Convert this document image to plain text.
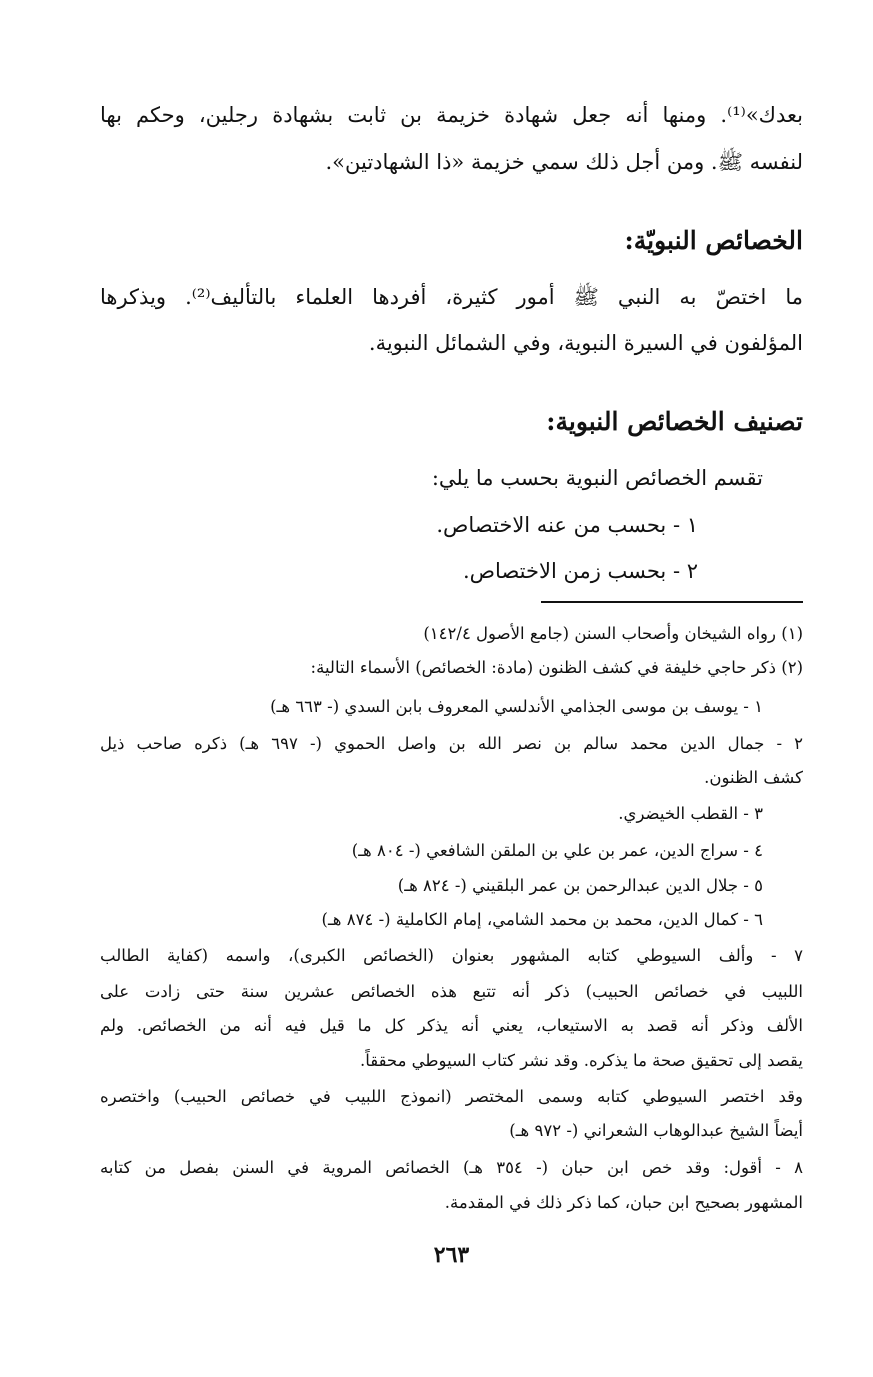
بعدك»⁽¹⁾. ومنها أنه جعل شهادة خزيمة بن ثابت بشهادة رجلين، وحكم بها
لنفسه ﷺ. ومن أجل ذلك سمي خزيمة «ذا الشهادتين».
الخصائص النبويّة:
ما اختصّ به النبي ﷺ أمور كثيرة، أفردها العلماء بالتأليف⁽²⁾. ويذكرها
المؤلفون في السيرة النبوية، وفي الشمائل النبوية.
تصنيف الخصائص النبوية:
تقسم الخصائص النبوية بحسب ما يلي:
١ - بحسب من عنه الاختصاص.
٢ - بحسب زمن الاختصاص.
(١) رواه الشيخان وأصحاب السنن (جامع الأصول ١٤٢/٤)
(٢) ذكر حاجي خليفة في كشف الظنون (مادة: الخصائص) الأسماء التالية:
١ - يوسف بن موسى الجذامي الأندلسي المعروف بابن السدي (- ٦٦٣ هـ)
٢ - جمال الدين محمد سالم بن نصر الله بن واصل الحموي (- ٦٩٧ هـ) ذكره صاحب ذيل
كشف الظنون.
٣ - القطب الخيضري.
٤ - سراج الدين، عمر بن علي بن الملقن الشافعي (- ٨٠٤ هـ)
٥ - جلال الدين عبدالرحمن بن عمر البلقيني (- ٨٢٤ هـ)
٦ - كمال الدين، محمد بن محمد الشامي، إمام الكاملية (- ٨٧٤ هـ)
٧ - وألف السيوطي كتابه المشهور بعنوان (الخصائص الكبرى)، واسمه (كفاية الطالب
اللبيب في خصائص الحبيب) ذكر أنه تتبع هذه الخصائص عشرين سنة حتى زادت على
الألف وذكر أنه قصد به الاستيعاب، يعني أنه يذكر كل ما قيل فيه أنه من الخصائص. ولم
يقصد إلى تحقيق صحة ما يذكره. وقد نشر كتاب السيوطي محققاً.
وقد اختصر السيوطي كتابه وسمى المختصر (انموذج اللبيب في خصائص الحبيب) واختصره
أيضاً الشيخ عبدالوهاب الشعراني (- ٩٧٢ هـ)
٨ - أقول: وقد خص ابن حبان (- ٣٥٤ هـ) الخصائص المروية في السنن بفصل من كتابه
المشهور بصحيح ابن حبان، كما ذكر ذلك في المقدمة.
٢٦٣
